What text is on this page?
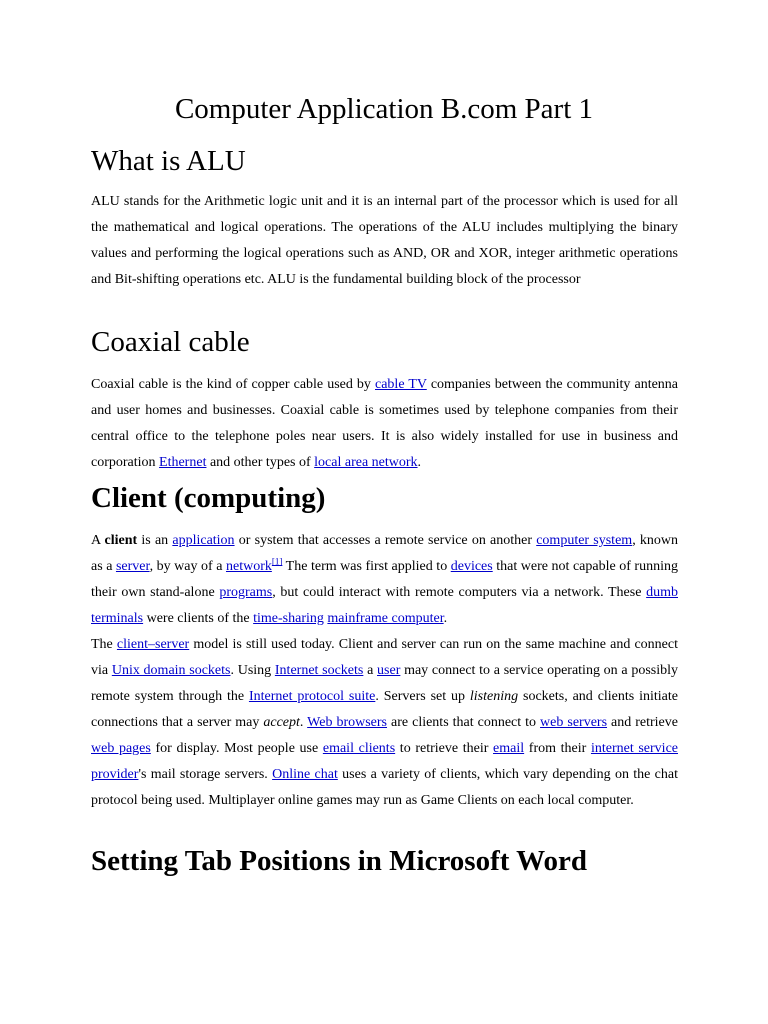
Computer Application B.com Part 1
What is ALU

ALU stands for the Arithmetic logic unit and it is an internal part of the processor which is used for all the mathematical and logical operations. The operations of the ALU includes multiplying the binary values and performing the logical operations such as AND, OR and XOR, integer arithmetic operations and Bit-shifting operations etc. ALU is the fundamental building block of the processor

Coaxial cable

Coaxial cable is the kind of copper cable used by cable TV companies between the community antenna and user homes and businesses. Coaxial cable is sometimes used by telephone companies from their central office to the telephone poles near users. It is also widely installed for use in business and corporation Ethernet and other types of local area network.

Client (computing)

A client is an application or system that accesses a remote service on another computer system, known as a server, by way of a network[1] The term was first applied to devices that were not capable of running their own stand-alone programs, but could interact with remote computers via a network. These dumb terminals were clients of the time-sharing mainframe computer.

The client–server model is still used today. Client and server can run on the same machine and connect via Unix domain sockets. Using Internet sockets a user may connect to a service operating on a possibly remote system through the Internet protocol suite. Servers set up listening sockets, and clients initiate connections that a server may accept. Web browsers are clients that connect to web servers and retrieve web pages for display. Most people use email clients to retrieve their email from their internet service provider's mail storage servers. Online chat uses a variety of clients, which vary depending on the chat protocol being used. Multiplayer online games may run as Game Clients on each local computer.

Setting Tab Positions in Microsoft Word
